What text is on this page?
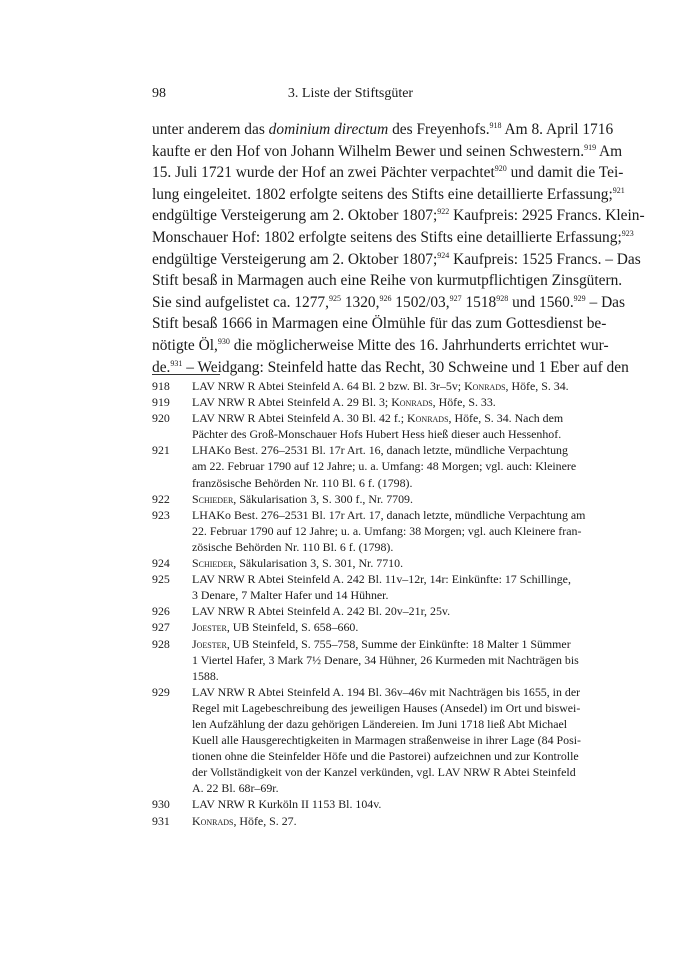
98	3. Liste der Stiftsgüter
unter anderem das dominium directum des Freyenhofs.$^{918}$ Am 8. April 1716
kaufte er den Hof von Johann Wilhelm Bewer und seinen Schwestern.$^{919}$ Am
15. Juli 1721 wurde der Hof an zwei Pächter verpachtet$^{920}$ und damit die Tei-
lung eingeleitet. 1802 erfolgte seitens des Stifts eine detaillierte Erfassung;$^{921}$
endgültige Versteigerung am 2. Oktober 1807;$^{922}$ Kaufpreis: 2925 Francs. Klein-
Monschauer Hof: 1802 erfolgte seitens des Stifts eine detaillierte Erfassung;$^{923}$
endgültige Versteigerung am 2. Oktober 1807;$^{924}$ Kaufpreis: 1525 Francs. – Das
Stift besaß in Marmagen auch eine Reihe von kurmutpflichtigen Zinsgütern.
Sie sind aufgelistet ca. 1277,$^{925}$ 1320,$^{926}$ 1502/03,$^{927}$ 1518$^{928}$ und 1560.$^{929}$ – Das
Stift besaß 1666 in Marmagen eine Ölmühle für das zum Gottesdienst be-
nötigte Öl,$^{930}$ die möglicherweise Mitte des 16. Jahrhunderts errichtet wur-
de.$^{931}$ – Weidgang: Steinfeld hatte das Recht, 30 Schweine und 1 Eber auf den
918 LAV NRW R Abtei Steinfeld A. 64 Bl. 2 bzw. Bl. 3r–5v; Konrads, Höfe, S. 34.
919 LAV NRW R Abtei Steinfeld A. 29 Bl. 3; Konrads, Höfe, S. 33.
920 LAV NRW R Abtei Steinfeld A. 30 Bl. 42 f.; Konrads, Höfe, S. 34. Nach dem
Pächter des Groß-Monschauer Hofs Hubert Hess hieß dieser auch Hessenhof.
921 LHAKo Best. 276–2531 Bl. 17r Art. 16, danach letzte, mündliche Verpachtung
am 22. Februar 1790 auf 12 Jahre; u. a. Umfang: 48 Morgen; vgl. auch: Kleinere
französische Behörden Nr. 110 Bl. 6 f. (1798).
922 Schieder, Säkularisation 3, S. 300 f., Nr. 7709.
923 LHAKo Best. 276–2531 Bl. 17r Art. 17, danach letzte, mündliche Verpachtung am
22. Februar 1790 auf 12 Jahre; u. a. Umfang: 38 Morgen; vgl. auch Kleinere fran-
zösische Behörden Nr. 110 Bl. 6 f. (1798).
924 Schieder, Säkularisation 3, S. 301, Nr. 7710.
925 LAV NRW R Abtei Steinfeld A. 242 Bl. 11v–12r, 14r: Einkünfte: 17 Schillinge,
3 Denare, 7 Malter Hafer und 14 Hühner.
926 LAV NRW R Abtei Steinfeld A. 242 Bl. 20v–21r, 25v.
927 Joester, UB Steinfeld, S. 658–660.
928 Joester, UB Steinfeld, S. 755–758, Summe der Einkünfte: 18 Malter 1 Sümmer
1 Viertel Hafer, 3 Mark 7½ Denare, 34 Hühner, 26 Kurmeden mit Nachträgen bis
1588.
929 LAV NRW R Abtei Steinfeld A. 194 Bl. 36v–46v mit Nachträgen bis 1655, in der
Regel mit Lagebeschreibung des jeweiligen Hauses (Ansedel) im Ort und biswei-
len Aufzählung der dazu gehörigen Ländereien. Im Juni 1718 ließ Abt Michael
Kuell alle Hausgerechtigkeiten in Marmagen straßenweise in ihrer Lage (84 Posi-
tionen ohne die Steinfelder Höfe und die Pastorei) aufzeichnen und zur Kontrolle
der Vollständigkeit von der Kanzel verkünden, vgl. LAV NRW R Abtei Steinfeld
A. 22 Bl. 68r–69r.
930 LAV NRW R Kurköln II 1153 Bl. 104v.
931 Konrads, Höfe, S. 27.
